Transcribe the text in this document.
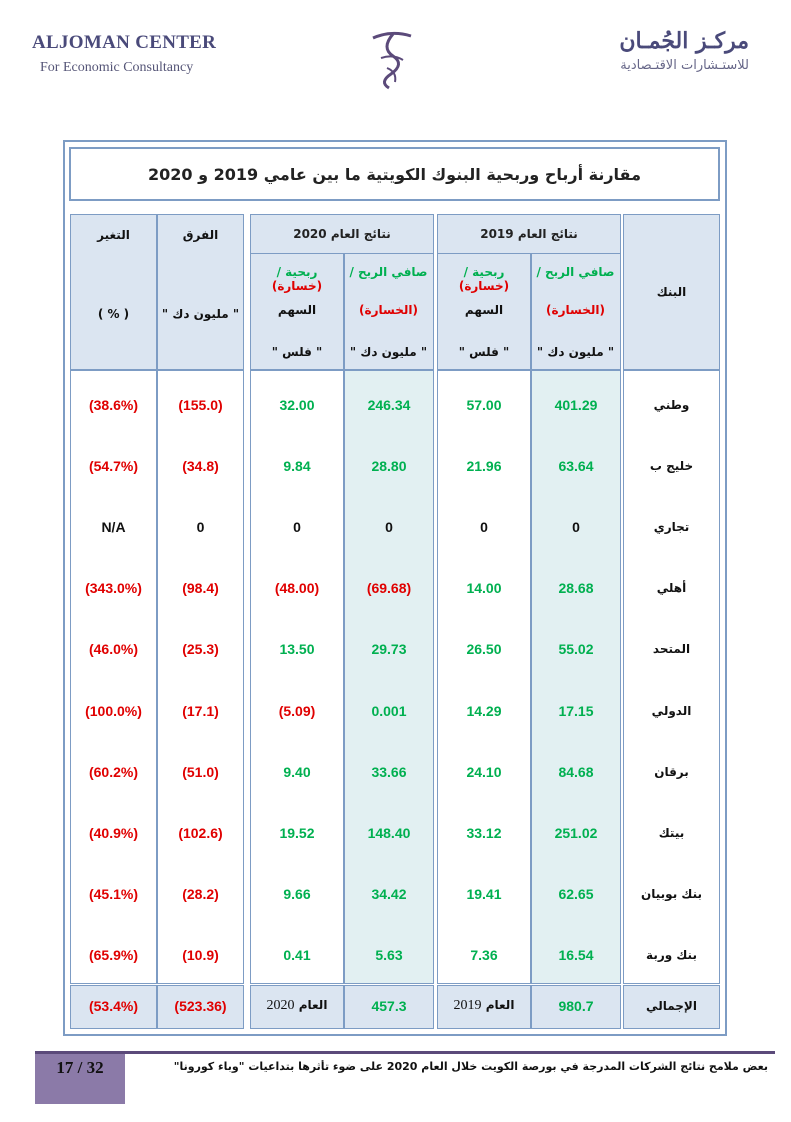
ALJOMAN CENTER
For Economic Consultancy
مركـز الجُمـان
للاستـشارات الاقتـصادية
مقارنة أرباح وربحية البنوك الكويتية ما بين عامي 2019 و 2020
نتائج العام 2019
نتائج العام 2020
البنك
صافي الربح /
(الخسارة)
" مليون دك "
ربحية / (خسارة)
السهم
" فلس "
صافي الربح /
(الخسارة)
" مليون دك "
ربحية / (خسارة)
السهم
" فلس "
الفرق
" مليون دك "
التغير
( % )
وطني
401.29
57.00
246.34
32.00
(155.0)
(38.6%)
خليج ب
63.64
21.96
28.80
9.84
(34.8)
(54.7%)
تجاري
0
0
0
0
0
N/A
أهلي
28.68
14.00
(69.68)
(48.00)
(98.4)
(343.0%)
المتحد
55.02
26.50
29.73
13.50
(25.3)
(46.0%)
الدولي
17.15
14.29
0.001
(5.09)
(17.1)
(100.0%)
برقان
84.68
24.10
33.66
9.40
(51.0)
(60.2%)
بيتك
251.02
33.12
148.40
19.52
(102.6)
(40.9%)
بنك بوبيان
62.65
19.41
34.42
9.66
(28.2)
(45.1%)
بنك وربة
16.54
7.36
5.63
0.41
(10.9)
(65.9%)
الإجمالي
980.7
العام 2019
457.3
العام 2020
(523.36)
(53.4%)
17 / 32	بعض ملامح نتائج الشركات المدرجة في بورصة الكويت خلال العام 2020 على ضوء تأثرها بتداعيات "وباء كورونا"
